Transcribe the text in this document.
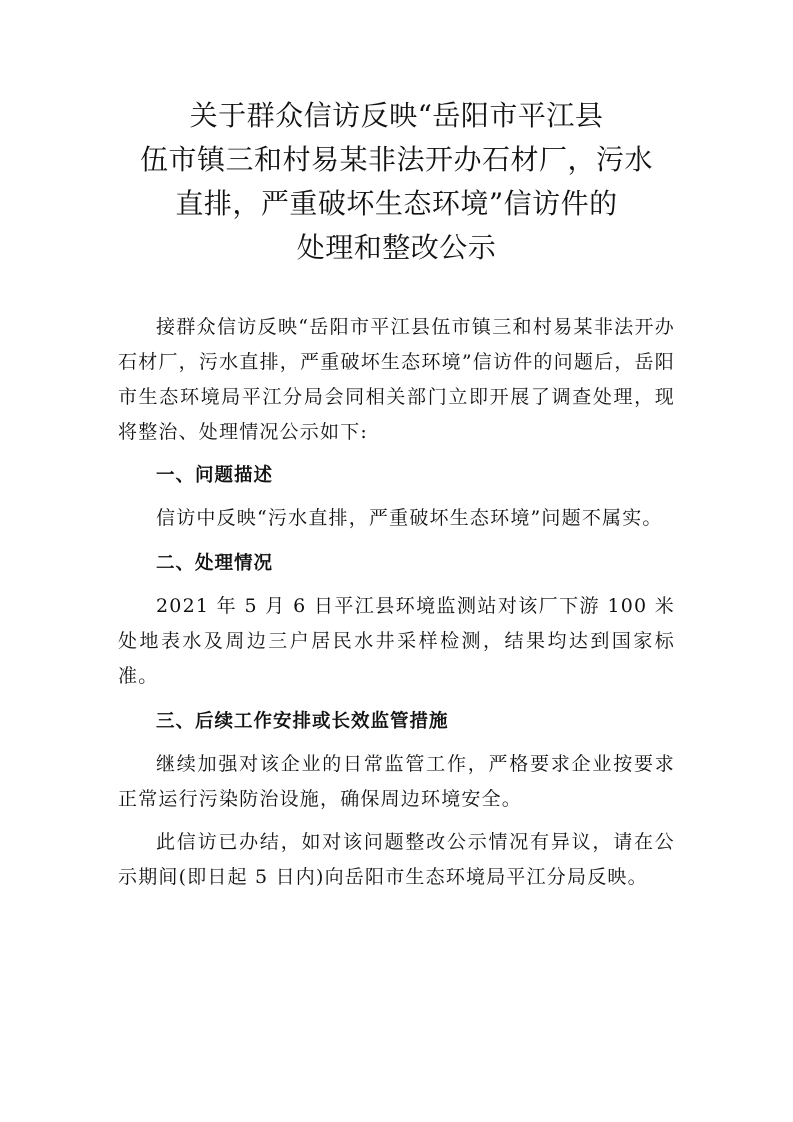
关于群众信访反映“岳阳市平江县
伍市镇三和村易某非法开办石材厂，污水
直排，严重破坏生态环境”信访件的
处理和整改公示

接群众信访反映“岳阳市平江县伍市镇三和村易某非法开办石材厂，污水直排，严重破坏生态环境”信访件的问题后，岳阳市生态环境局平江分局会同相关部门立即开展了调查处理，现将整治、处理情况公示如下:

一、问题描述

信访中反映“污水直排，严重破坏生态环境”问题不属实。

二、处理情况

2021 年 5 月 6 日平江县环境监测站对该厂下游 100 米处地表水及周边三户居民水井采样检测，结果均达到国家标准。

三、后续工作安排或长效监管措施

继续加强对该企业的日常监管工作，严格要求企业按要求正常运行污染防治设施，确保周边环境安全。

此信访已办结，如对该问题整改公示情况有异议，请在公示期间(即日起 5 日内)向岳阳市生态环境局平江分局反映。
